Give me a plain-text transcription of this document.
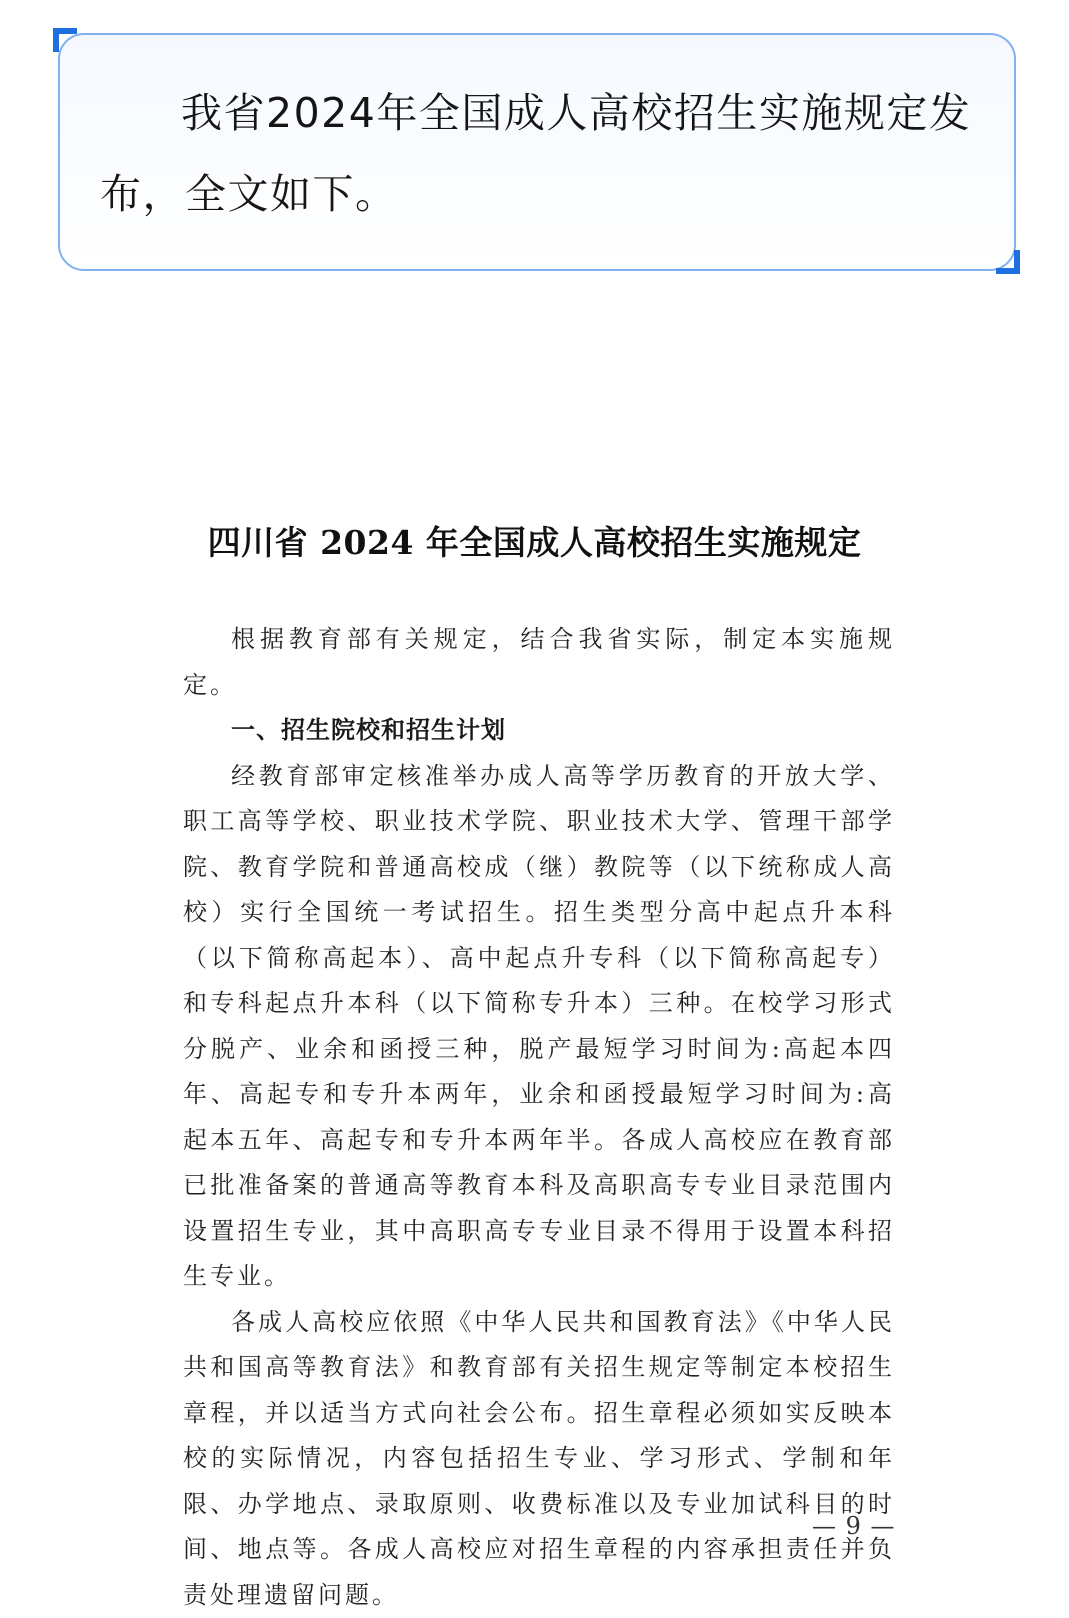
我省2024年全国成人高校招生实施规定发布，全文如下。

四川省 2024 年全国成人高校招生实施规定

根据教育部有关规定，结合我省实际，制定本实施规定。

一、招生院校和招生计划

经教育部审定核准举办成人高等学历教育的开放大学、职工高等学校、职业技术学院、职业技术大学、管理干部学院、教育学院和普通高校成（继）教院等（以下统称成人高校）实行全国统一考试招生。招生类型分高中起点升本科（以下简称高起本）、高中起点升专科（以下简称高起专）和专科起点升本科（以下简称专升本）三种。在校学习形式分脱产、业余和函授三种，脱产最短学习时间为:高起本四年、高起专和专升本两年，业余和函授最短学习时间为:高起本五年、高起专和专升本两年半。各成人高校应在教育部已批准备案的普通高等教育本科及高职高专专业目录范围内设置招生专业，其中高职高专专业目录不得用于设置本科招生专业。

各成人高校应依照《中华人民共和国教育法》《中华人民共和国高等教育法》和教育部有关招生规定等制定本校招生章程，并以适当方式向社会公布。招生章程必须如实反映本校的实际情况，内容包括招生专业、学习形式、学制和年限、办学地点、录取原则、收费标准以及专业加试科目的时间、地点等。各成人高校应对招生章程的内容承担责任并负责处理遗留问题。

— 9 —
